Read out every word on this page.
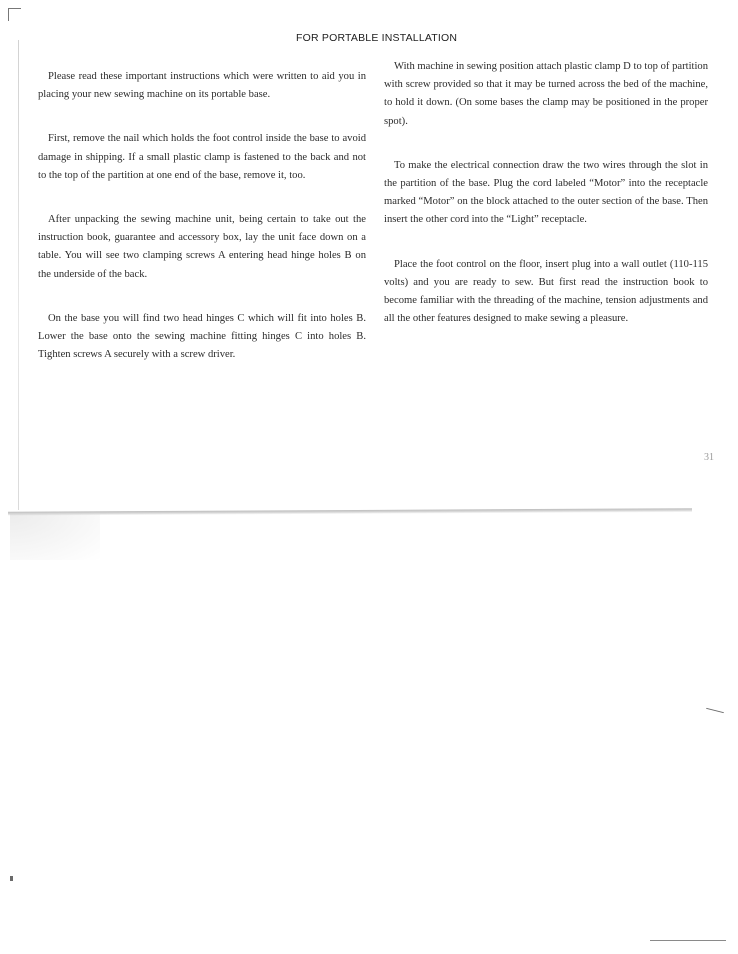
FOR PORTABLE INSTALLATION

Please read these important instructions which were written to aid you in placing your new sewing machine on its portable base.

First, remove the nail which holds the foot control inside the base to avoid damage in shipping. If a small plastic clamp is fastened to the back and not to the top of the partition at one end of the base, remove it, too.

After unpacking the sewing machine unit, being certain to take out the instruction book, guarantee and accessory box, lay the unit face down on a table. You will see two clamping screws A entering head hinge holes B on the underside of the back.

On the base you will find two head hinges C which will fit into holes B. Lower the base onto the sewing machine fitting hinges C into holes B. Tighten screws A securely with a screw driver.

With machine in sewing position attach plastic clamp D to top of partition with screw provided so that it may be turned across the bed of the machine, to hold it down. (On some bases the clamp may be positioned in the proper spot).

To make the electrical connection draw the two wires through the slot in the partition of the base. Plug the cord labeled “Motor” into the receptacle marked “Motor” on the block attached to the outer section of the base. Then insert the other cord into the “Light” receptacle.

Place the foot control on the floor, insert plug into a wall outlet (110-115 volts) and you are ready to sew. But first read the instruction book to become familiar with the threading of the machine, tension adjustments and all the other features designed to make sewing a pleasure.

31
